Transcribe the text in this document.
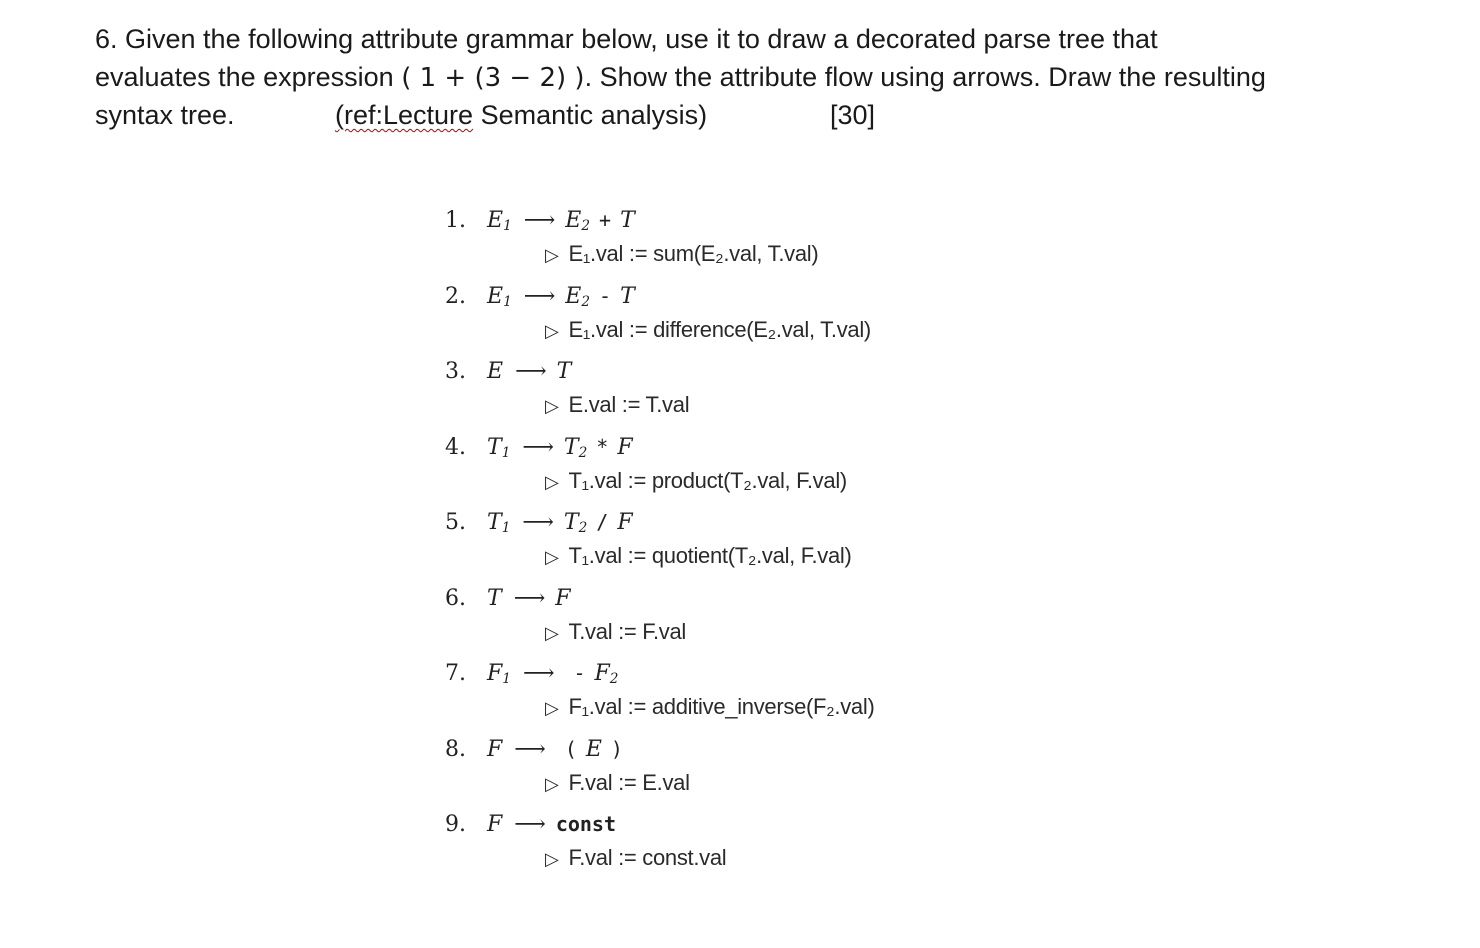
6. Given the following attribute grammar below, use it to draw a decorated parse tree that
evaluates the expression ( 1 + (3 − 2) ). Show the attribute flow using arrows. Draw the resulting
syntax tree.	(ref:Lecture Semantic analysis)	[30]
1. $E_1$ ⟶ $E_2 + T$
▷ E₁.val := sum(E₂.val, T.val)
2. $E_1$ ⟶ $E_2$ - T
▷ E₁.val := difference(E₂.val, T.val)
3. E ⟶ T
▷ E.val := T.val
4. $T_1$ ⟶ $T_2$ * F
▷ T₁.val := product(T₂.val, F.val)
5. $T_1$ ⟶ $T_2$ / F
▷ T₁.val := quotient(T₂.val, F.val)
6. T ⟶ F
▷ T.val := F.val
7. $F_1$ ⟶ - $F_2$
▷ F₁.val := additive_inverse(F₂.val)
8. F ⟶ ( E )
▷ F.val := E.val
9. F ⟶ const
▷ F.val := const.val
